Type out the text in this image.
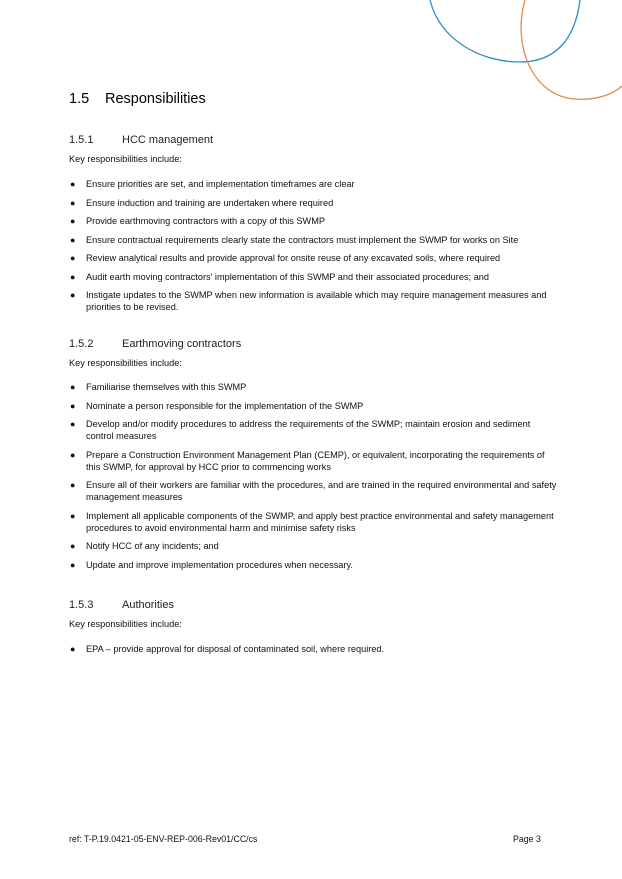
1.5 Responsibilities
1.5.1	HCC management

Key responsibilities include:

● Ensure priorities are set, and implementation timeframes are clear
● Ensure induction and training are undertaken where required
● Provide earthmoving contractors with a copy of this SWMP
● Ensure contractual requirements clearly state the contractors must implement the SWMP for works on Site
● Review analytical results and provide approval for onsite reuse of any excavated soils, where required
● Audit earth moving contractors' implementation of this SWMP and their associated procedures; and
● Instigate updates to the SWMP when new information is available which may require management measures and priorities to be revised.
1.5.2	Earthmoving contractors

Key responsibilities include:

● Familiarise themselves with this SWMP
● Nominate a person responsible for the implementation of the SWMP
● Develop and/or modify procedures to address the requirements of the SWMP; maintain erosion and sediment control measures
● Prepare a Construction Environment Management Plan (CEMP), or equivalent, incorporating the requirements of this SWMP, for approval by HCC prior to commencing works
● Ensure all of their workers are familiar with the procedures, and are trained in the required environmental and safety management measures
● Implement all applicable components of the SWMP, and apply best practice environmental and safety management procedures to avoid environmental harm and minimise safety risks
● Notify HCC of any incidents; and
● Update and improve implementation procedures when necessary.
1.5.3	Authorities

Key responsibilities include:

● EPA – provide approval for disposal of contaminated soil, where required.
ref: T-P.19.0421-05-ENV-REP-006-Rev01/CC/cs	Page 3
